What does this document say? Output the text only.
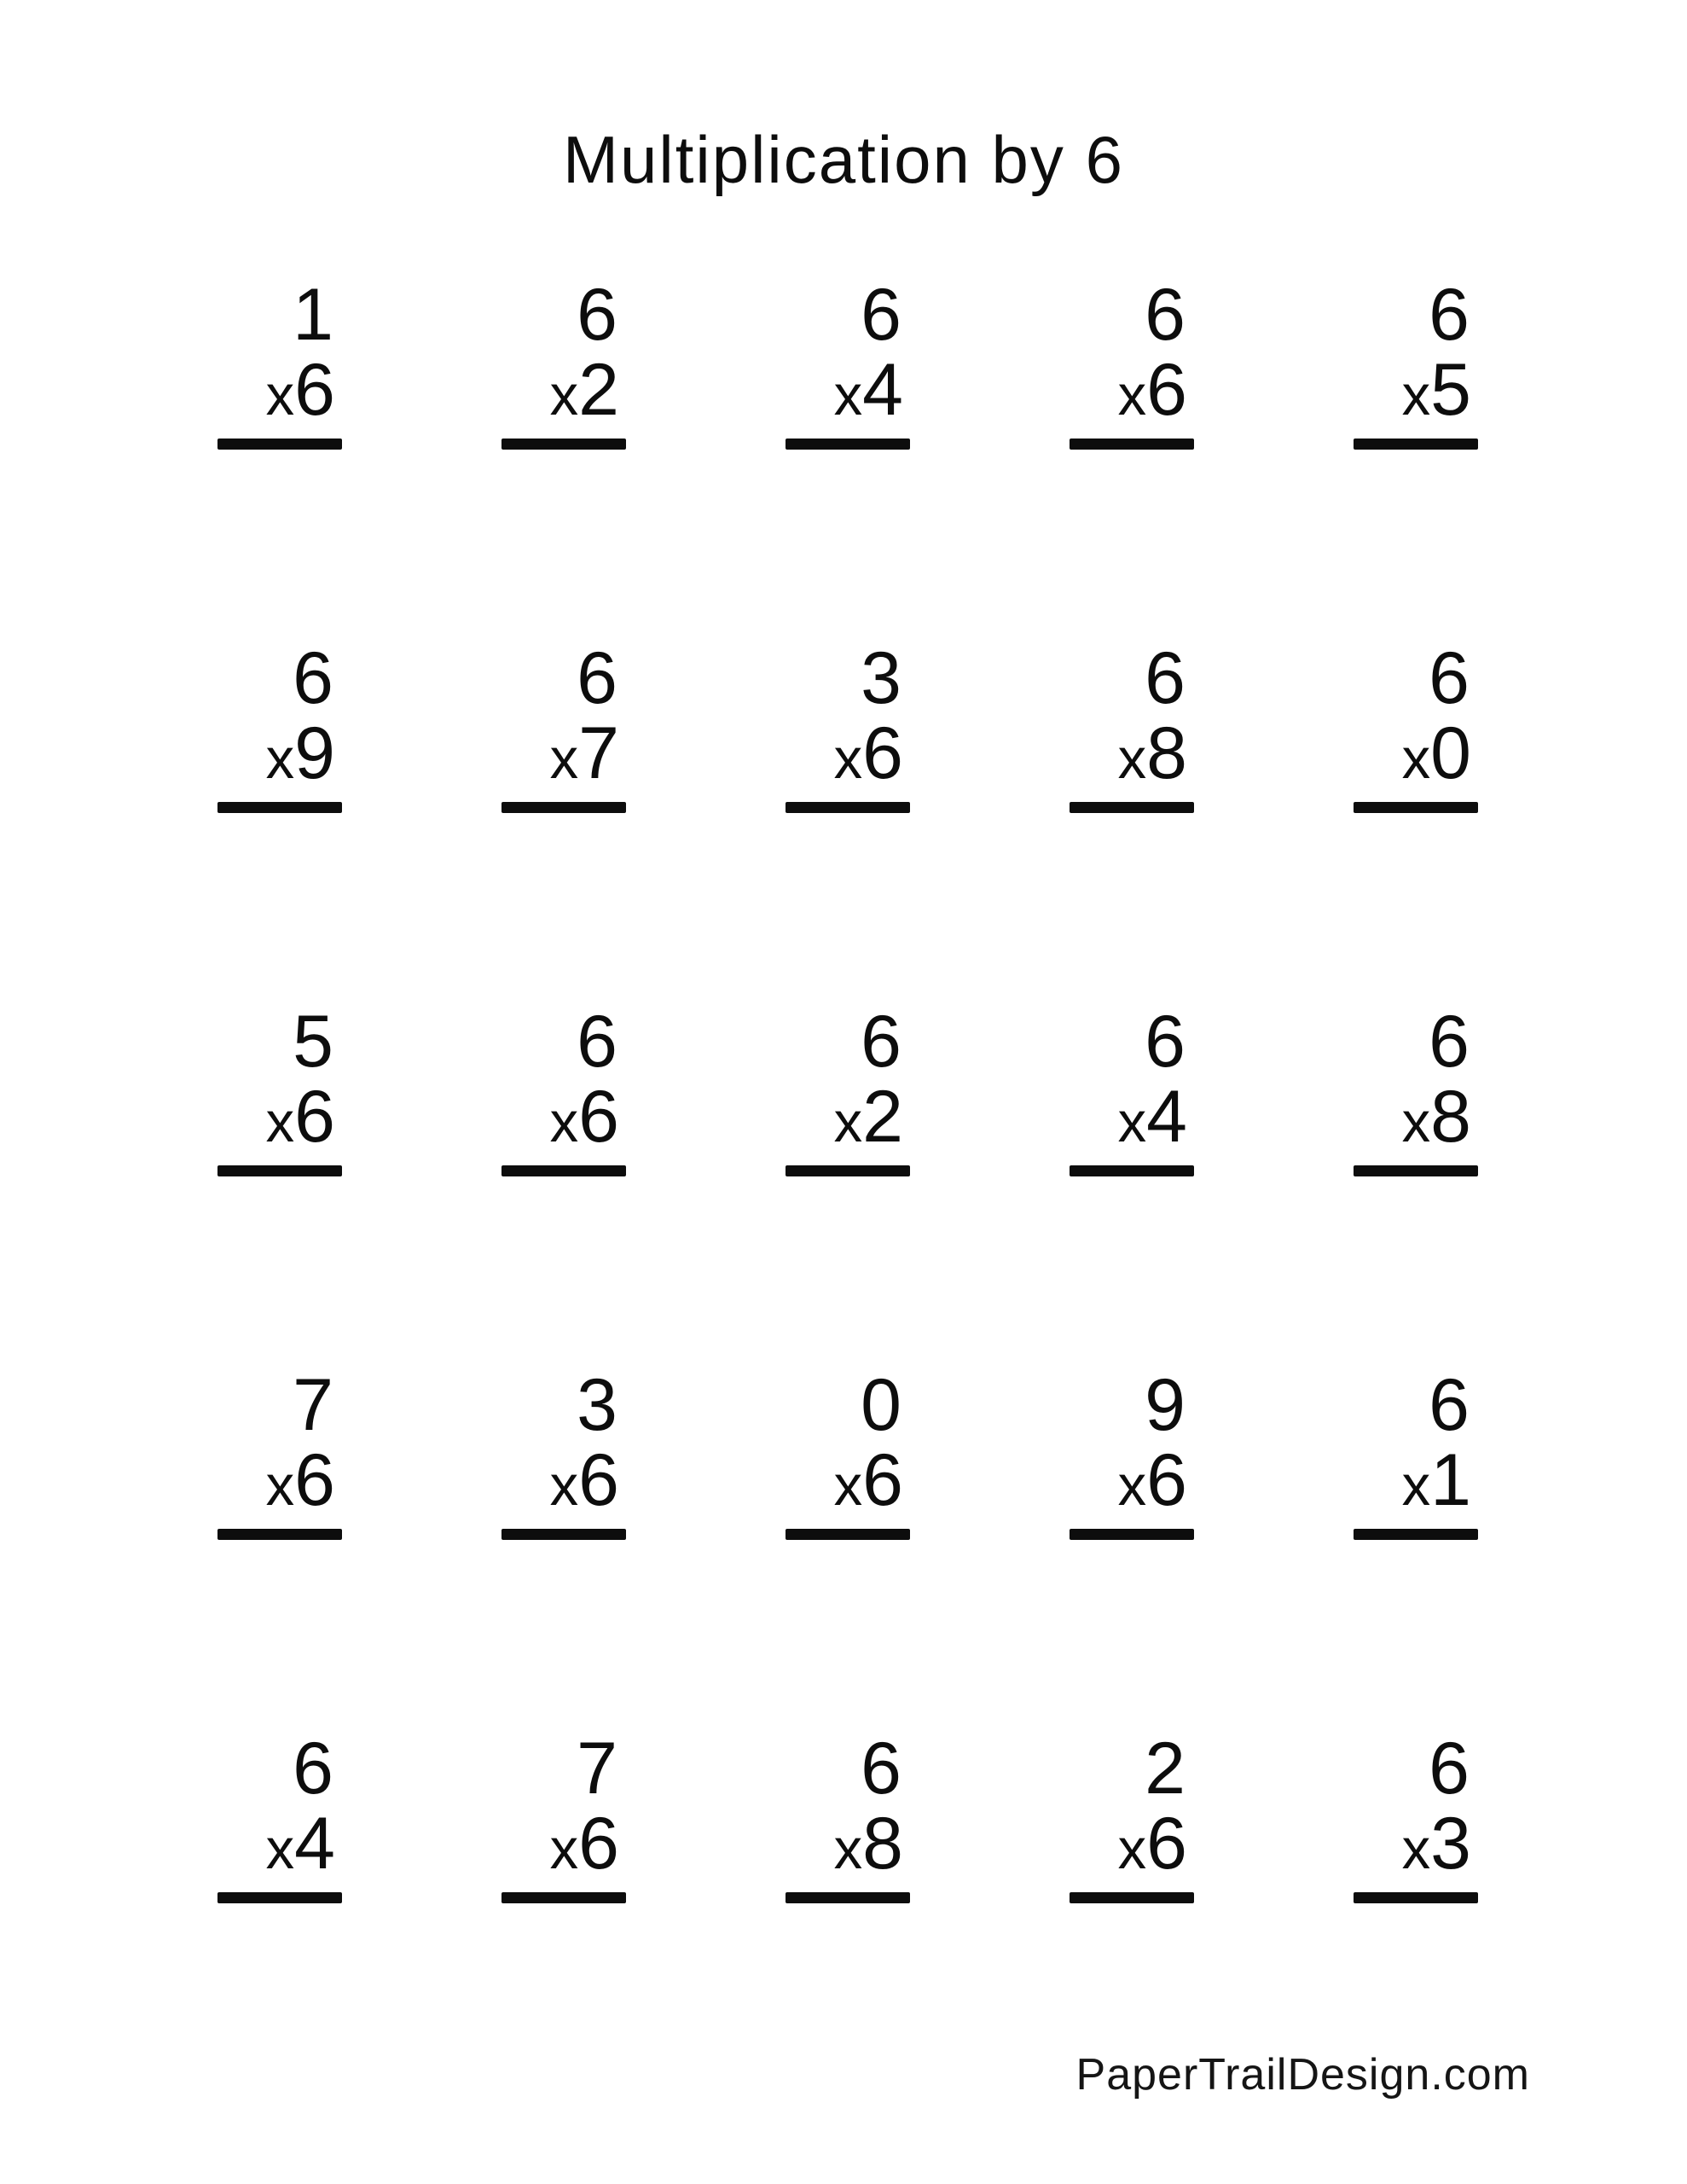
Multiplication by 6
1
x6
6
x2
6
x4
6
x6
6
x5
6
x9
6
x7
3
x6
6
x8
6
x0
5
x6
6
x6
6
x2
6
x4
6
x8
7
x6
3
x6
0
x6
9
x6
6
x1
6
x4
7
x6
6
x8
2
x6
6
x3
PaperTrailDesign.com
